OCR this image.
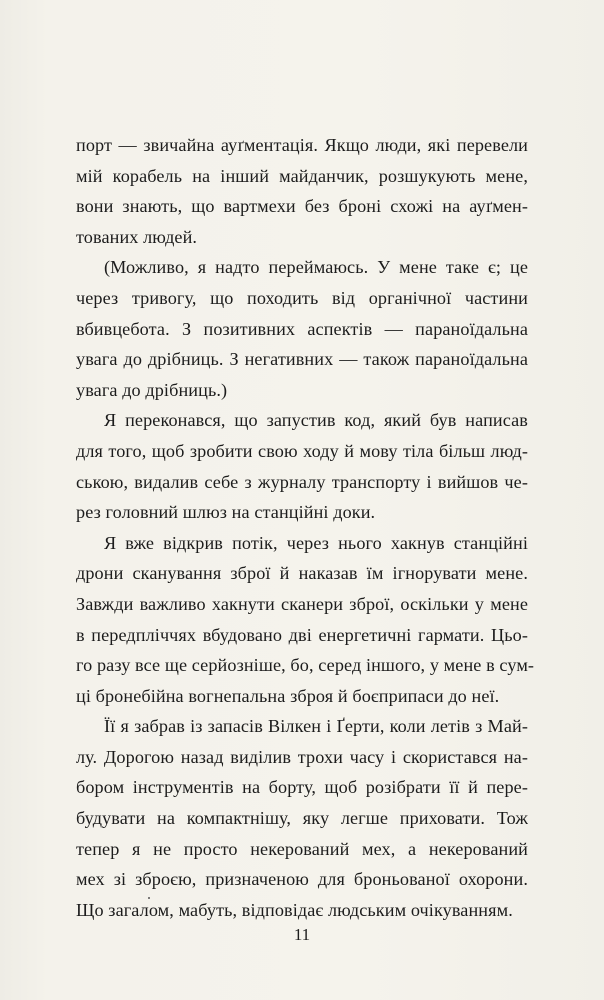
порт — звичайна ауґментація. Якщо люди, які перевели
мій корабель на інший майданчик, розшукують мене,
вони знають, що вартмехи без броні схожі на ауґмен-
тованих людей.
(Можливо, я надто переймаюсь. У мене таке є; це
через тривогу, що походить від органічної частини
вбивцебота. З позитивних аспектів — параноїдальна
увага до дрібниць. З негативних — також параноїдальна
увага до дрібниць.)
Я переконався, що запустив код, який був написав
для того, щоб зробити свою ходу й мову тіла більш люд-
ською, видалив себе з журналу транспорту і вийшов че-
рез головний шлюз на станційні доки.
Я вже відкрив потік, через нього хакнув станційні
дрони сканування зброї й наказав їм ігнорувати мене.
Завжди важливо хакнути сканери зброї, оскільки у мене
в передпліччях вбудовано дві енергетичні гармати. Цьо-
го разу все ще серйозніше, бо, серед іншого, у мене в сум-
ці бронебійна вогнепальна зброя й боєприпаси до неї.
Її я забрав із запасів Вілкен і Ґерти, коли летів з Май-
лу. Дорогою назад виділив трохи часу і скористався на-
бором інструментів на борту, щоб розібрати її й пере-
будувати на компактнішу, яку легше приховати. Тож
тепер я не просто некерований мех, а некерований
мех зі зброєю, призначеною для броньованої охорони.
Що загалом, мабуть, відповідає людським очікуванням.
11
